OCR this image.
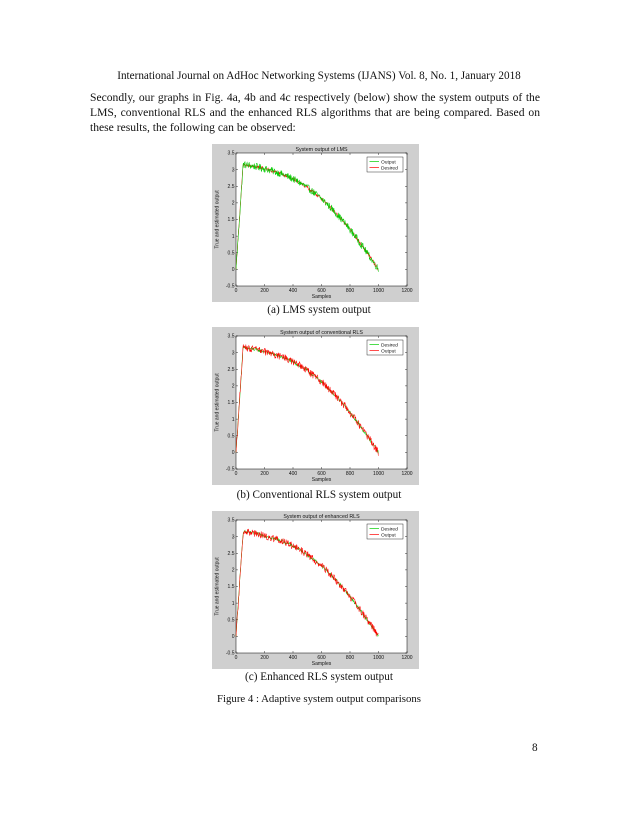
International Journal on AdHoc Networking Systems (IJANS) Vol. 8, No. 1, January 2018
Secondly, our graphs in Fig. 4a, 4b and 4c respectively (below) show the system outputs of the LMS, conventional RLS and the enhanced RLS algorithms that are being compared. Based on these results, the following can be observed:
System output of LMS
-0.5
0
0.5
1
1.5
2
2.5
3
3.5
0	200	400	600	800	1000	1200
Samples
True and estimated output
Output
Desired
(a) LMS system output
System output of conventional RLS
-0.5
0
0.5
1
1.5
2
2.5
3
3.5
0	200	400	600	800	1000	1200
Samples
True and estimated output
Desired
Output
(b) Conventional RLS system output
System output of enhanced RLS
-0.5
0
0.5
1
1.5
2
2.5
3
3.5
0	200	400	600	800	1000	1200
Samples
True and estimated output
Desired
Output
(c) Enhanced RLS system output
Figure 4 : Adaptive system output comparisons
8
